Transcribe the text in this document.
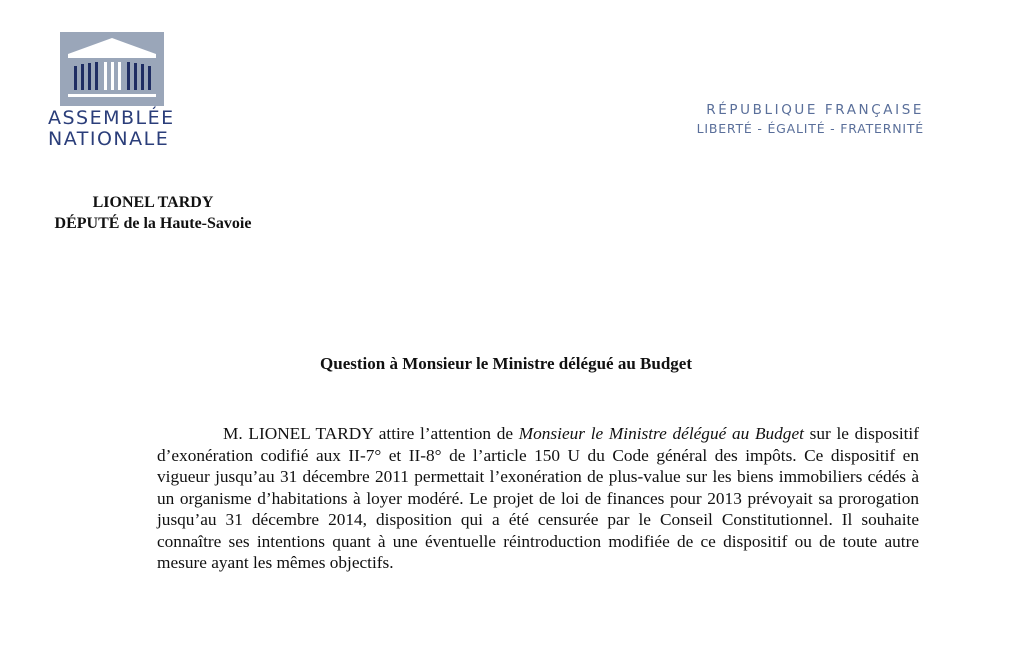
ASSEMBLÉE
NATIONALE
RÉPUBLIQUE FRANÇAISE
LIBERTÉ - ÉGALITÉ - FRATERNITÉ
LIONEL TARDY
DÉPUTÉ de la Haute-Savoie
Question à Monsieur le Ministre délégué au Budget
M. LIONEL TARDY attire l’attention de Monsieur le Ministre délégué au Budget sur le dispositif d’exonération codifié aux II-7° et II-8° de l’article 150 U du Code général des impôts. Ce dispositif en vigueur jusqu’au 31 décembre 2011 permettait l’exonération de plus-value sur les biens immobiliers cédés à un organisme d’habitations à loyer modéré. Le projet de loi de finances pour 2013 prévoyait sa prorogation jusqu’au 31 décembre 2014, disposition qui a été censurée par le Conseil Constitutionnel. Il souhaite connaître ses intentions quant à une éventuelle réintroduction modifiée de ce dispositif ou de toute autre mesure ayant les mêmes objectifs.
